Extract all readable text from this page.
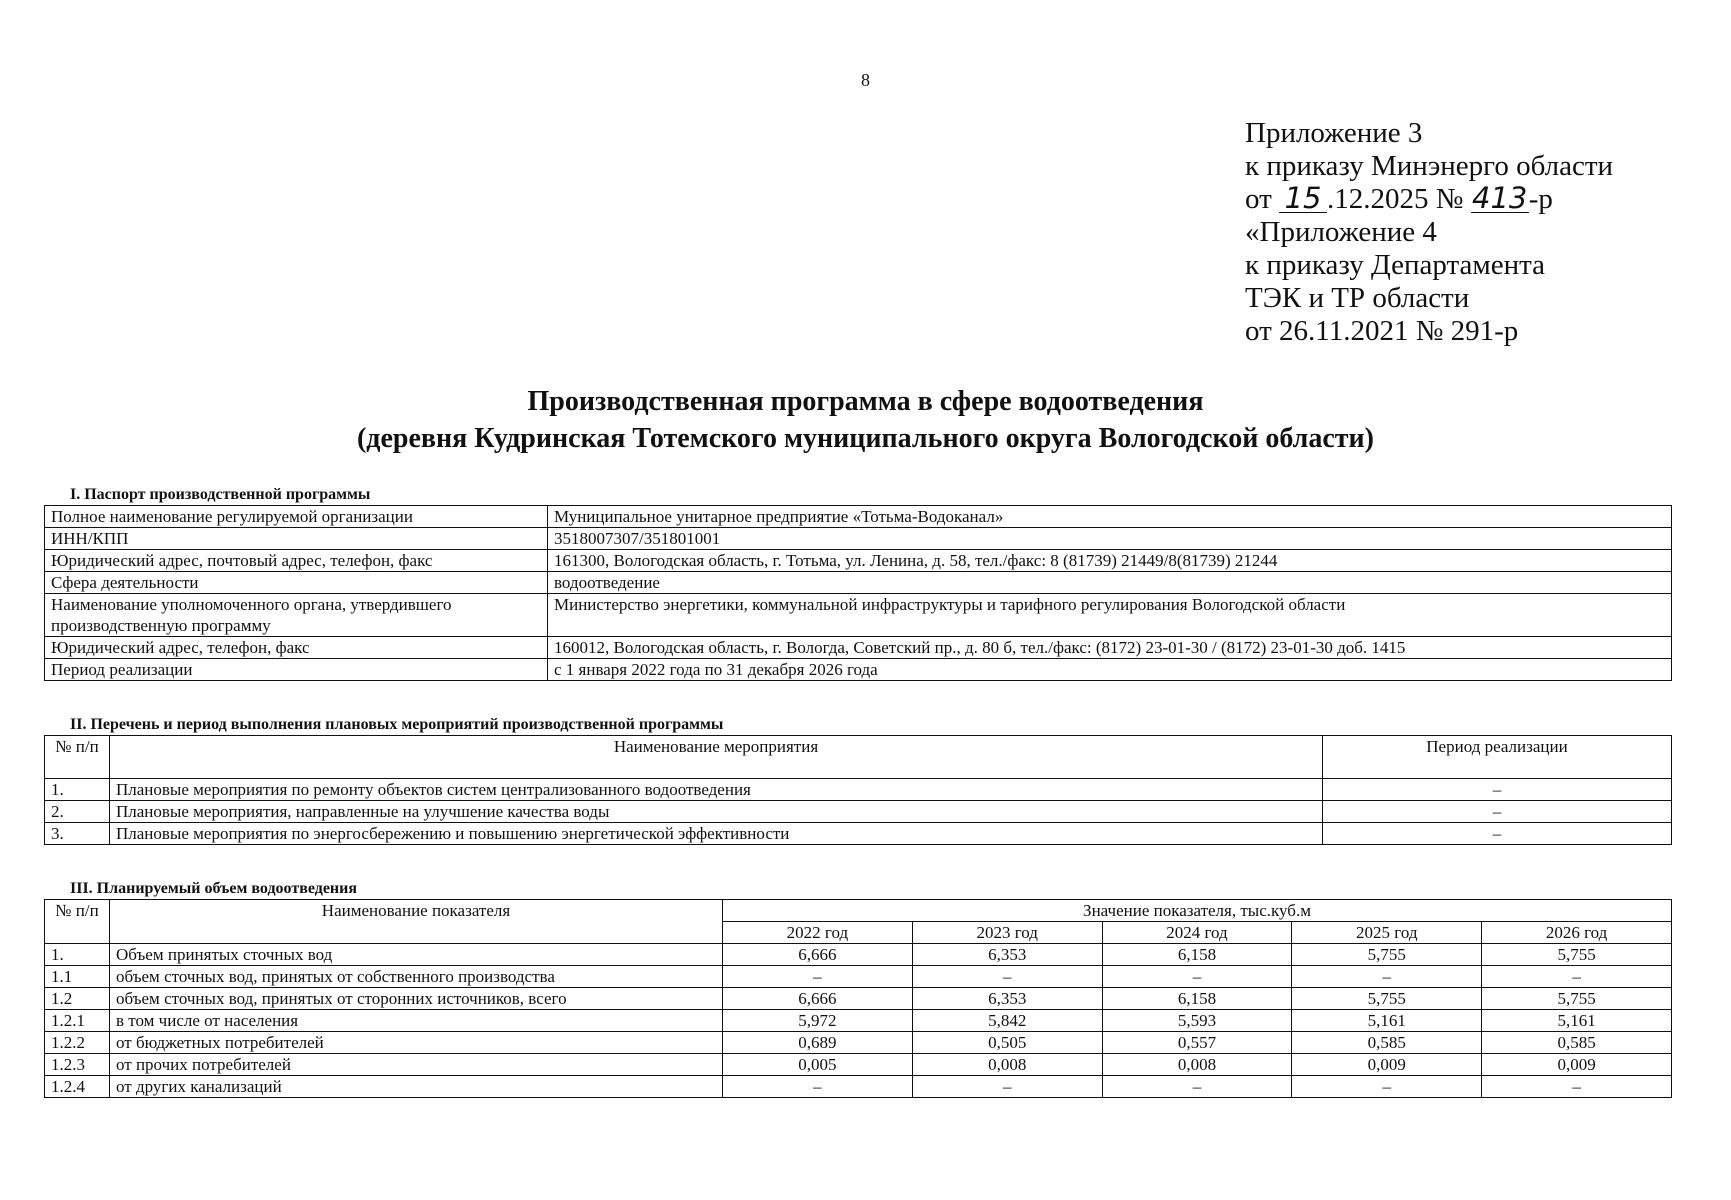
8
Приложение 3
к приказу Минэнерго области
от 15 .12.2025 № 413-р
«Приложение 4
к приказу Департамента
ТЭК и ТР области
от 26.11.2021 № 291-р
Производственная программа в сфере водоотведения
(деревня Кудринская Тотемского муниципального округа Вологодской области)
I. Паспорт производственной программы
Полное наименование регулируемой организации	Муниципальное унитарное предприятие «Тотьма-Водоканал»
ИНН/КПП	3518007307/351801001
Юридический адрес, почтовый адрес, телефон, факс	161300, Вологодская область, г. Тотьма, ул. Ленина, д. 58, тел./факс: 8 (81739) 21449/8(81739) 21244
Сфера деятельности	водоотведение
Наименование уполномоченного органа, утвердившего производственную программу	Министерство энергетики, коммунальной инфраструктуры и тарифного регулирования Вологодской области
Юридический адрес, телефон, факс	160012, Вологодская область, г. Вологда, Советский пр., д. 80 б, тел./факс: (8172) 23-01-30 / (8172) 23-01-30 доб. 1415
Период реализации	с 1 января 2022 года по 31 декабря 2026 года
II. Перечень и период выполнения плановых мероприятий производственной программы
№ п/п	Наименование мероприятия	Период реализации
1.	Плановые мероприятия по ремонту объектов систем централизованного водоотведения	–
2.	Плановые мероприятия, направленные на улучшение качества воды	–
3.	Плановые мероприятия по энергосбережению и повышению энергетической эффективности	–
III. Планируемый объем водоотведения
№ п/п	Наименование показателя	Значение показателя, тыс.куб.м				
		2022 год	2023 год	2024 год	2025 год	2026 год
1.	Объем принятых сточных вод	6,666	6,353	6,158	5,755	5,755
1.1	объем сточных вод, принятых от собственного производства	–	–	–	–	–
1.2	объем сточных вод, принятых от сторонних источников, всего	6,666	6,353	6,158	5,755	5,755
1.2.1	в том числе от населения	5,972	5,842	5,593	5,161	5,161
1.2.2	от бюджетных потребителей	0,689	0,505	0,557	0,585	0,585
1.2.3	от прочих потребителей	0,005	0,008	0,008	0,009	0,009
1.2.4	от других канализаций	–	–	–	–	–
